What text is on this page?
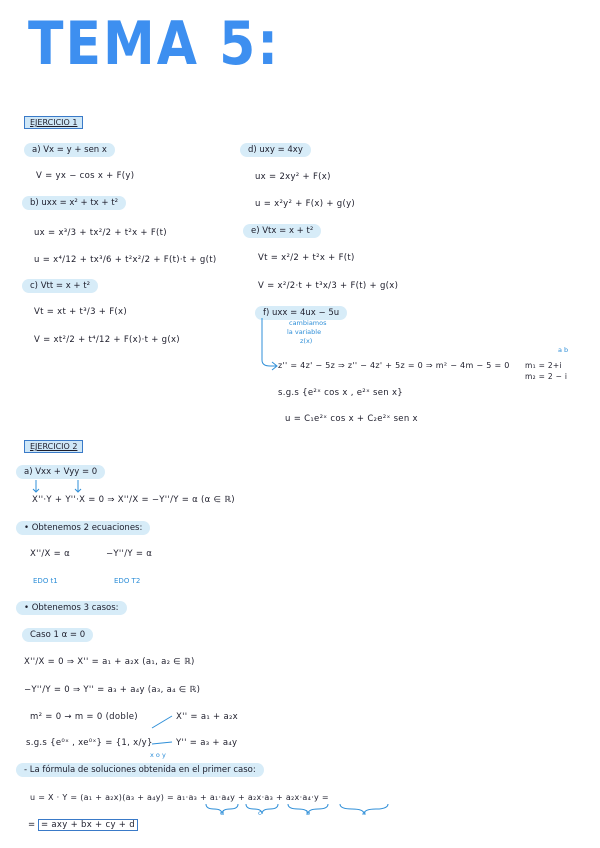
TEMA 5:
EJERCICIO 1
a) Vx = y + sen x
V = yx − cos x + F(y)
b) uxx = x² + tx + t²
ux = x³/3 + tx²/2 + t²x + F(t)
u = x⁴/12 + tx³/6 + t²x²/2 + F(t)·t + g(t)
c) Vtt = x + t²
Vt = xt + t³/3 + F(x)
V = xt²/2 + t⁴/12 + F(x)·t + g(x)
d) uxy = 4xy
ux = 2xy² + F(x)
u = x²y² + F(x) + g(y)
e) Vtx = x + t²
Vt = x²/2 + t²x + F(t)
V = x²/2·t + t³x/3 + F(t) + g(x)
f) uxx = 4ux − 5u
cambiamos
la variable
z(x)
z'' = 4z' − 5z ⇒ z'' − 4z' + 5z = 0 ⇒ m² − 4m − 5 = 0 m₁ = 2+i
m₂ = 2 − i
a b
s.g.s {e²ˣ cos x , e²ˣ sen x}
u = C₁e²ˣ cos x + C₂e²ˣ sen x
EJERCICIO 2
a) Vxx + Vyy = 0
X''·Y + Y''·X = 0 ⇒ X''/X = −Y''/Y = α (α ∈ ℝ)
• Obtenemos 2 ecuaciones:
X''/X = α	−Y''/Y = α
EDO t1	EDO T2
• Obtenemos 3 casos:
Caso 1 α = 0
X''/X = 0 ⇒ X'' = a₁ + a₂x (a₁, a₂ ∈ ℝ)
−Y''/Y = 0 ⇒ Y'' = a₃ + a₄y (a₃, a₄ ∈ ℝ)
m² = 0 → m = 0 (doble)	X'' = a₁ + a₂x
s.g.s {e⁰ˣ , xe⁰ˣ} = {1, x/y}	Y'' = a₃ + a₄y
x o y
- La fórmula de soluciones obtenida en el primer caso:
u = X · Y = (a₁ + a₂x)(a₃ + a₄y) = a₁·a₃ + a₁·a₄y + a₂x·a₃ + a₂x·a₄·y =
d	c	b	a
= = axy + bx + cy + d
